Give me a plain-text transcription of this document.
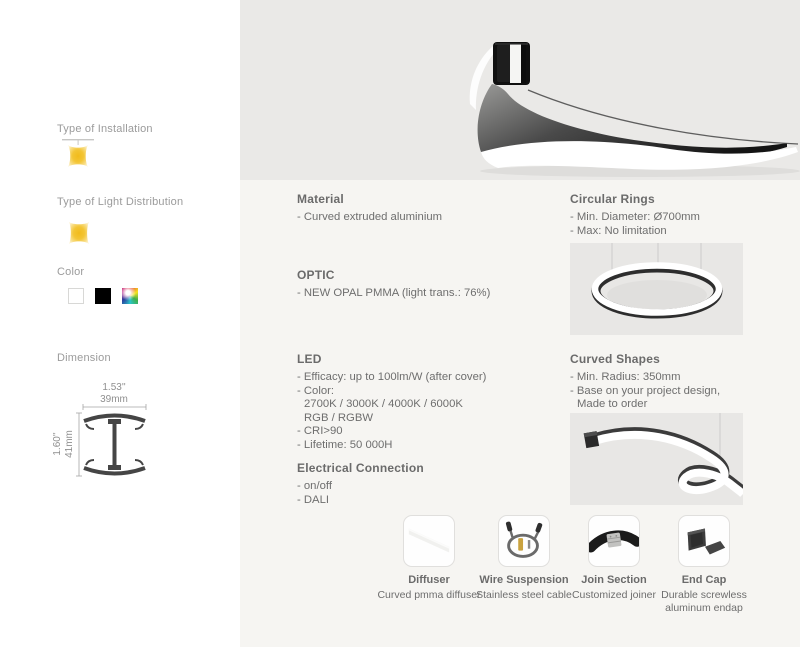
Type of Installation
Type of Light Distribution
Color
Dimension
1.53''
39mm
1.60'' 41mm
Material
- Curved extruded aluminium
OPTIC
- NEW OPAL PMMA (light trans.: 76%)
LED
- Efficacy: up to 100lm/W (after cover)
- Color:
2700K / 3000K / 4000K / 6000K
RGB / RGBW
- CRI>90
- Lifetime: 50 000H
Electrical Connection
- on/off
- DALI
Circular Rings
- Min. Diameter: Ø700mm
- Max: No limitation
Curved Shapes
- Min. Radius: 350mm
- Base on your project design,
Made to order
Diffuser
Curved pmma diffuser
Wire Suspension
Stainless steel cable
Join Section
Customized joiner
End Cap
Durable screwless aluminum endap
